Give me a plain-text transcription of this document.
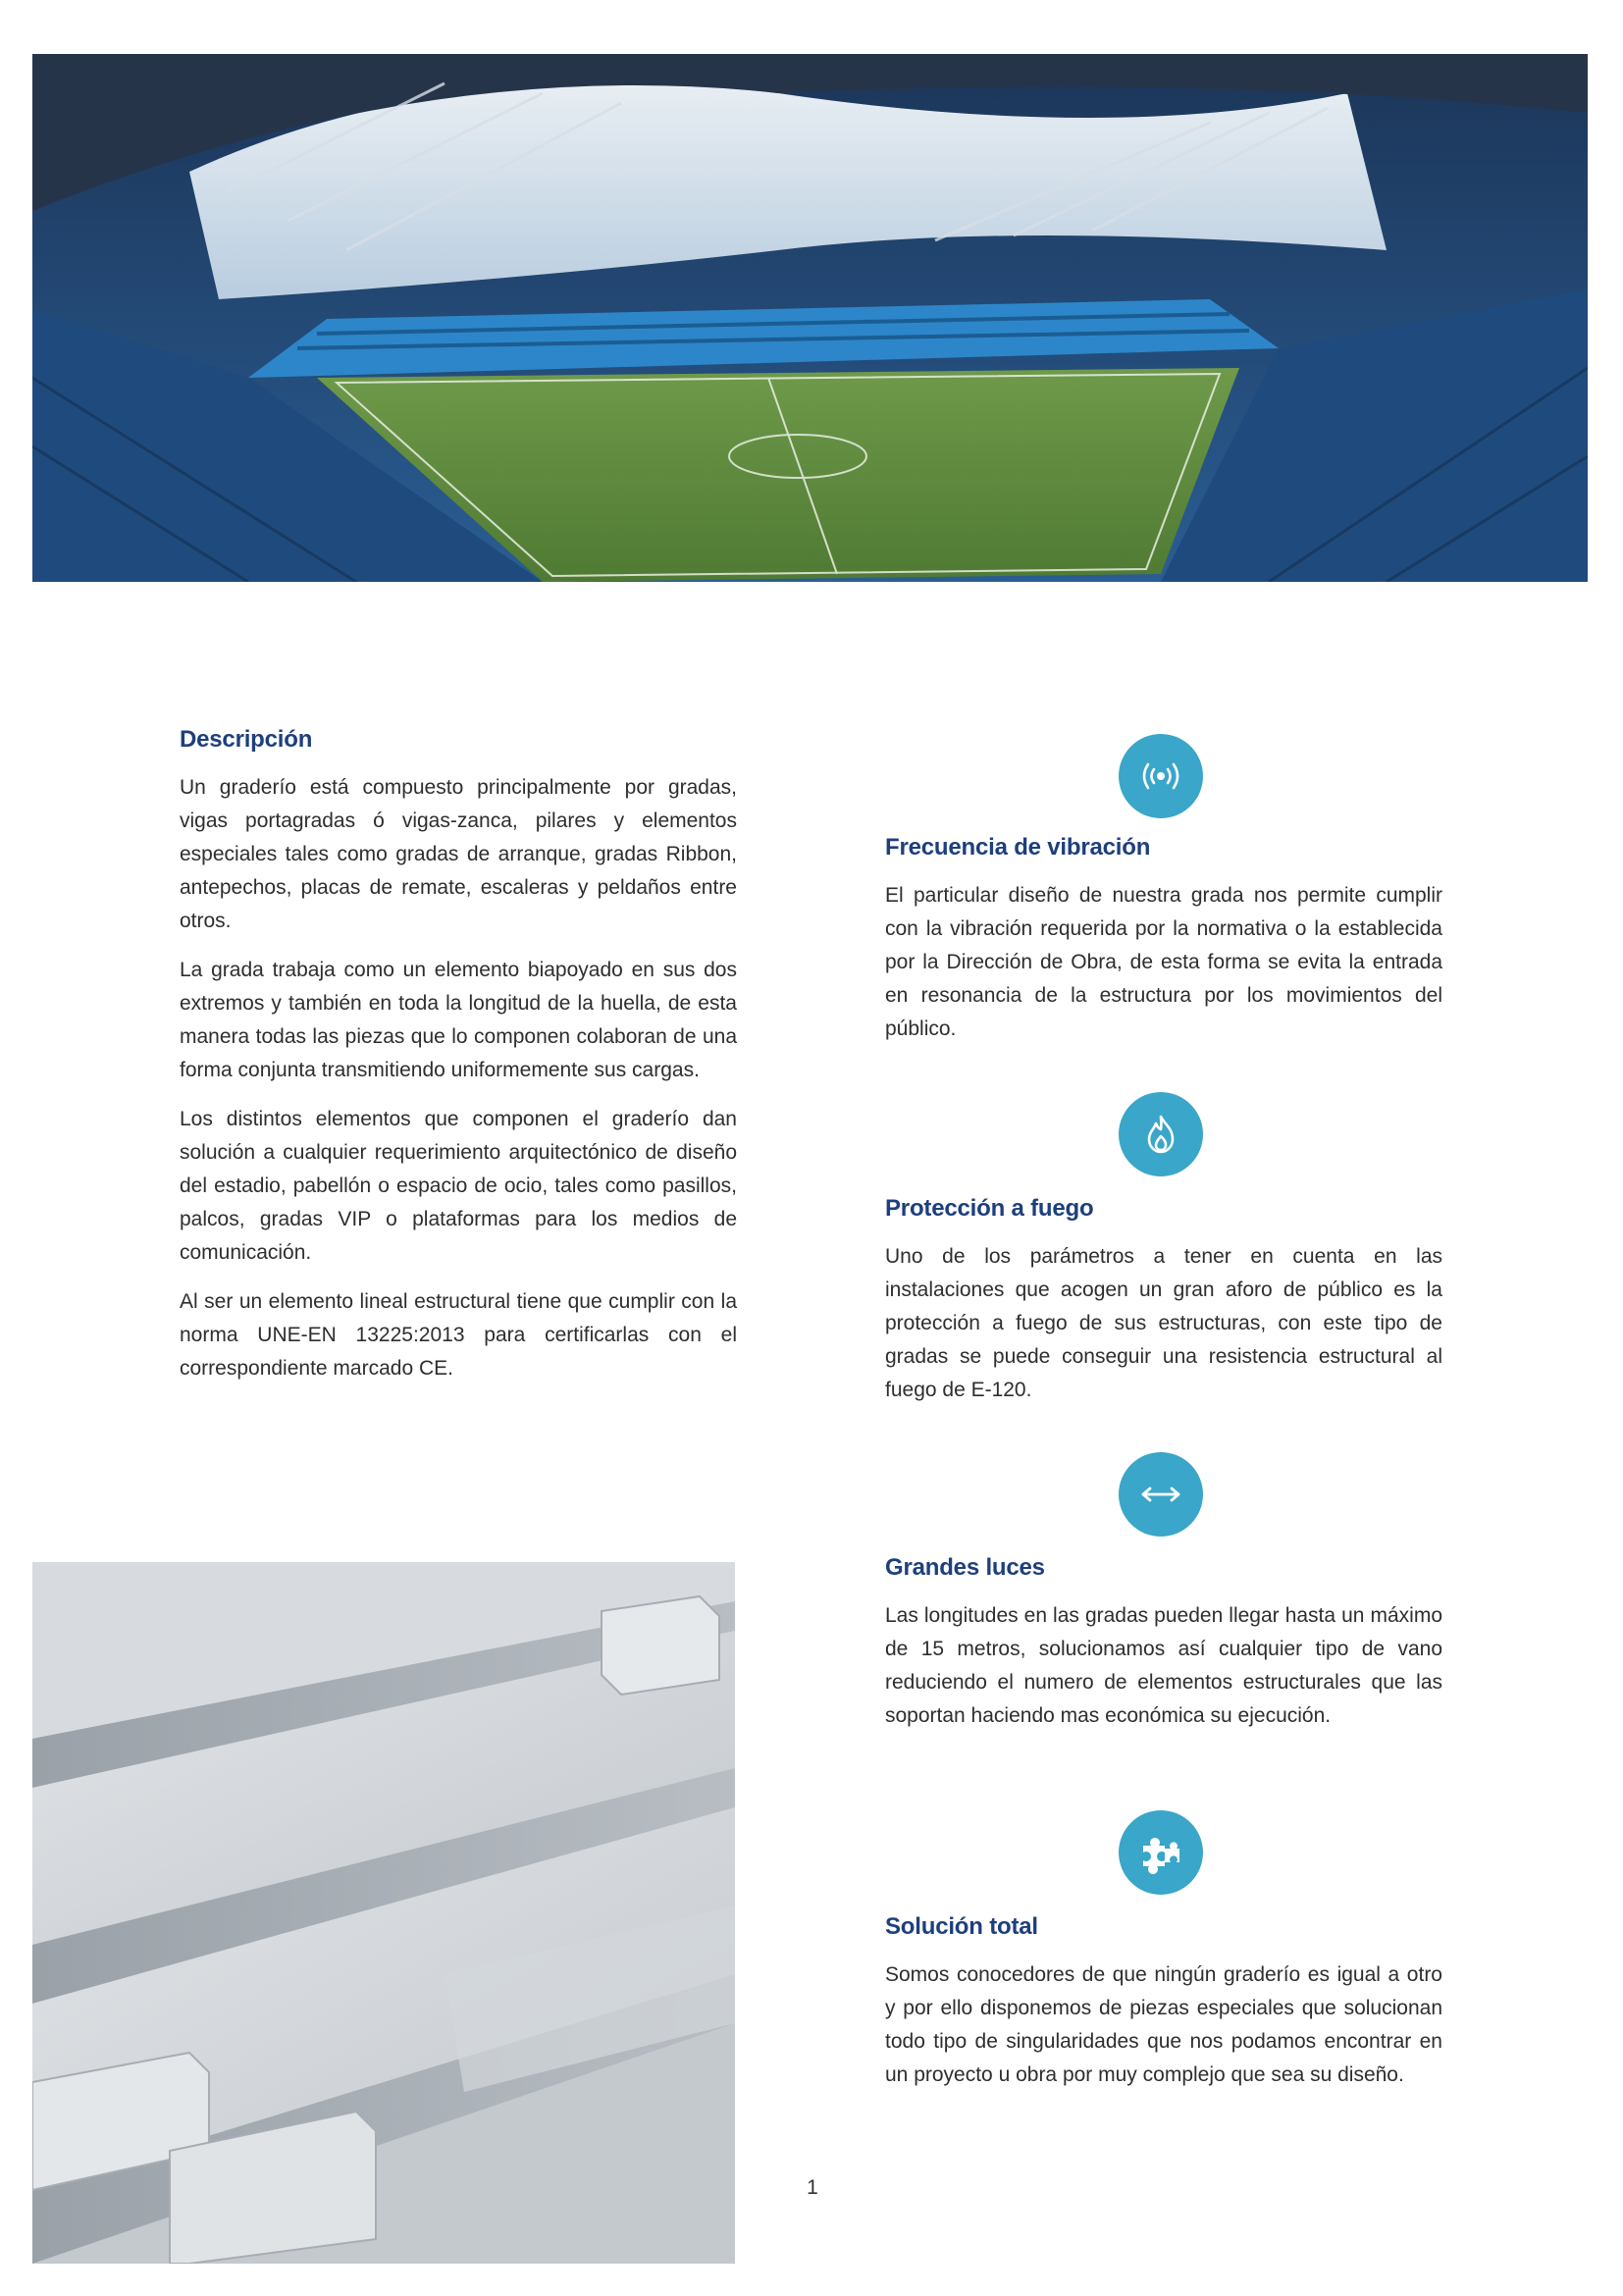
Descripción

Un graderío está compuesto principalmente por gradas, vigas portagradas ó vigas-zanca, pilares y elementos especiales tales como gradas de arranque, gradas Ribbon, antepechos, placas de remate, escaleras y peldaños entre otros.

La grada trabaja como un elemento biapoyado en sus dos extremos y también en toda la longitud de la huella, de esta manera todas las piezas que lo componen colaboran de una forma conjunta transmitiendo uniformemente sus cargas.

Los distintos elementos que componen el graderío dan solución a cualquier requerimiento arquitectónico de diseño del estadio, pabellón o espacio de ocio, tales como pasillos, palcos, gradas VIP o plataformas para los medios de comunicación.

Al ser un elemento lineal estructural tiene que cumplir con la norma UNE-EN 13225:2013 para certificarlas con el correspondiente marcado CE.

Frecuencia de vibración

El particular diseño de nuestra grada nos permite cumplir con la vibración requerida por la normativa o la establecida por la Dirección de Obra, de esta forma se evita la entrada en resonancia de la estructura por los movimientos del público.

Protección a fuego

Uno de los parámetros a tener en cuenta en las instalaciones que acogen un gran aforo de público es la protección a fuego de sus estructuras, con este tipo de gradas se puede conseguir una resistencia estructural al fuego de E-120.

Grandes luces

Las longitudes en las gradas pueden llegar hasta un máximo de 15 metros, solucionamos así cualquier tipo de vano reduciendo el numero de elementos estructurales que las soportan haciendo mas económica su ejecución.

Solución total

Somos conocedores de que ningún graderío es igual a otro y por ello disponemos de piezas especiales que solucionan todo tipo de singularidades que nos podamos encontrar en un proyecto u obra por muy complejo que sea su diseño.

1
